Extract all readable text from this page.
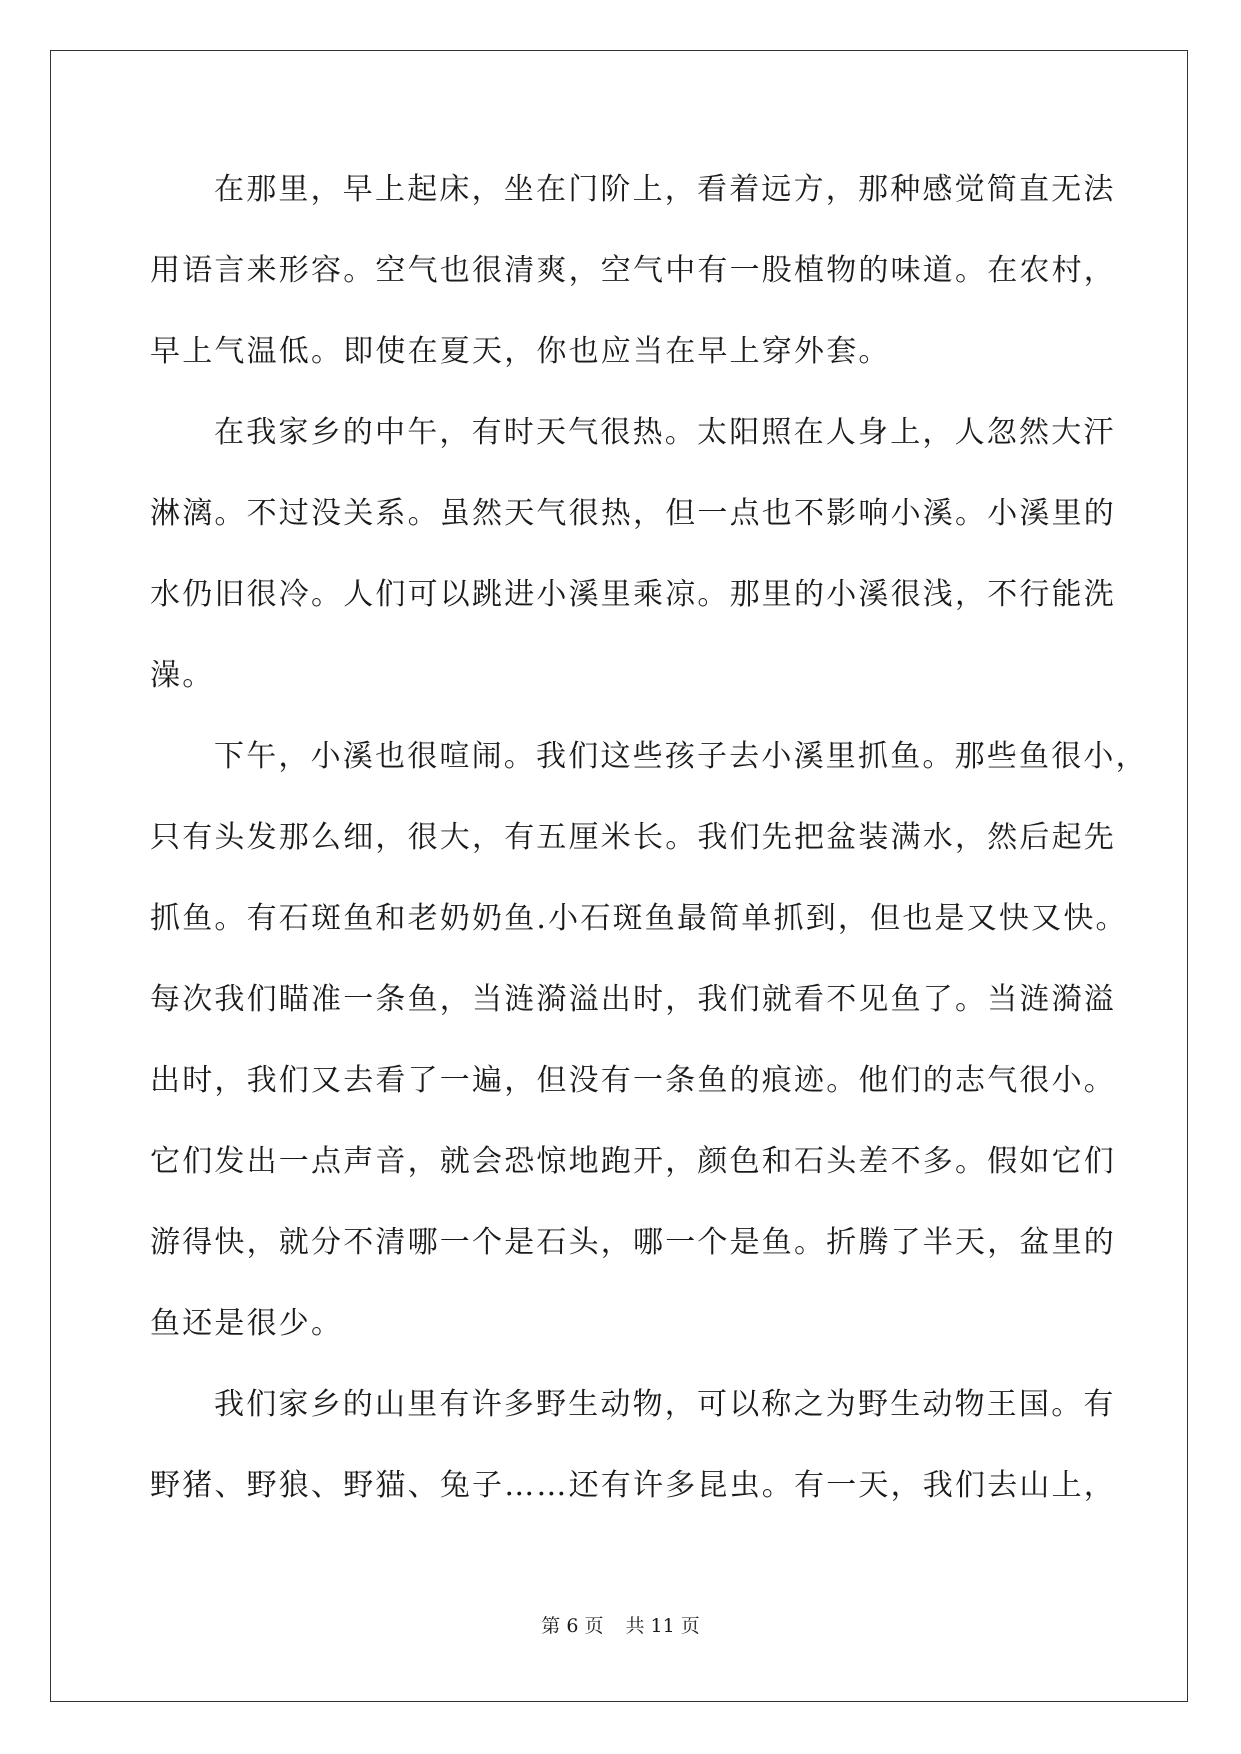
在那里，早上起床，坐在门阶上，看着远方，那种感觉简直无法
用语言来形容。空气也很清爽，空气中有一股植物的味道。在农村，
早上气温低。即使在夏天，你也应当在早上穿外套。
在我家乡的中午，有时天气很热。太阳照在人身上，人忽然大汗
淋漓。不过没关系。虽然天气很热，但一点也不影响小溪。小溪里的
水仍旧很冷。人们可以跳进小溪里乘凉。那里的小溪很浅，不行能洗
澡。
下午，小溪也很喧闹。我们这些孩子去小溪里抓鱼。那些鱼很小，
只有头发那么细，很大，有五厘米长。我们先把盆装满水，然后起先
抓鱼。有石斑鱼和老奶奶鱼.小石斑鱼最简单抓到，但也是又快又快。
每次我们瞄准一条鱼，当涟漪溢出时，我们就看不见鱼了。当涟漪溢
出时，我们又去看了一遍，但没有一条鱼的痕迹。他们的志气很小。
它们发出一点声音，就会恐惊地跑开，颜色和石头差不多。假如它们
游得快，就分不清哪一个是石头，哪一个是鱼。折腾了半天，盆里的
鱼还是很少。
我们家乡的山里有许多野生动物，可以称之为野生动物王国。有
野猪、野狼、野猫、兔子……还有许多昆虫。有一天，我们去山上，
第 6 页 共 11 页
